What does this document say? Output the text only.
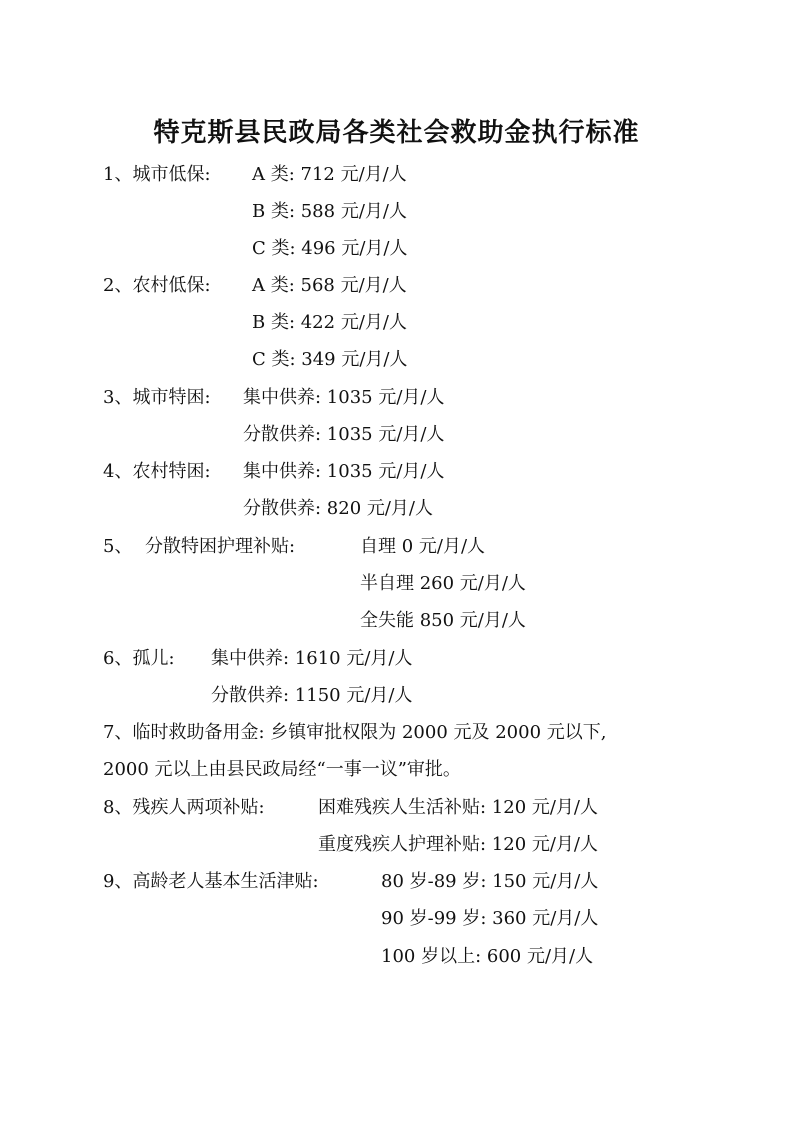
特克斯县民政局各类社会救助金执行标准
1、城市低保: A 类: 712 元/月/人
B 类: 588 元/月/人
C 类: 496 元/月/人
2、农村低保: A 类: 568 元/月/人
B 类: 422 元/月/人
C 类: 349 元/月/人
3、城市特困: 集中供养: 1035 元/月/人
分散供养: 1035 元/月/人
4、农村特困: 集中供养: 1035 元/月/人
分散供养: 820 元/月/人
5、 分散特困护理补贴:	自理 0 元/月/人
半自理 260 元/月/人
全失能 850 元/月/人
6、孤儿: 集中供养: 1610 元/月/人
分散供养: 1150 元/月/人
7、临时救助备用金: 乡镇审批权限为 2000 元及 2000 元以下,
2000 元以上由县民政局经“一事一议”审批。
8、残疾人两项补贴:	困难残疾人生活补贴: 120 元/月/人
重度残疾人护理补贴: 120 元/月/人
9、高龄老人基本生活津贴:	80 岁-89 岁: 150 元/月/人
90 岁-99 岁: 360 元/月/人
100 岁以上: 600 元/月/人
